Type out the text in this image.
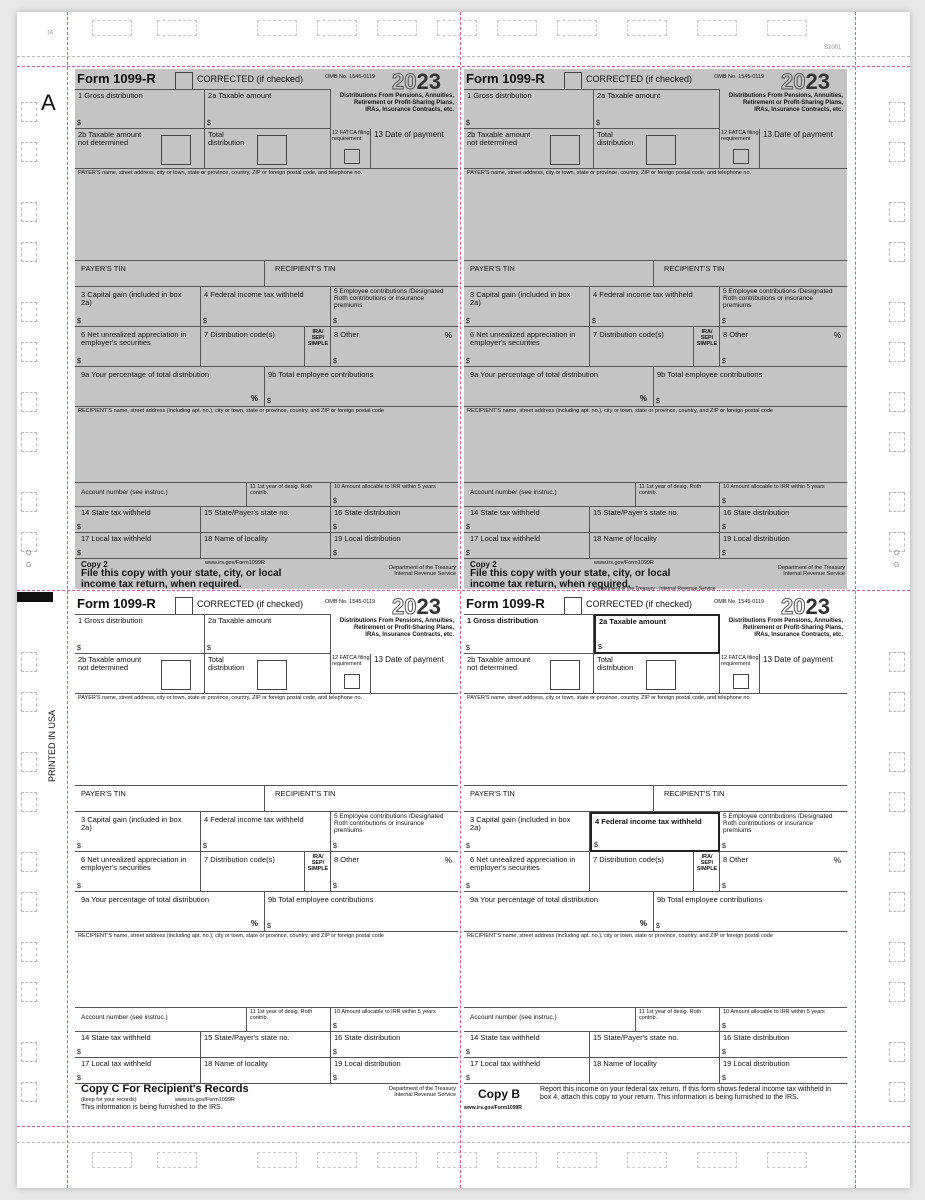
1A
S2001
A
PRINTED IN USA
O
G
O
G
Form 1099-R	CORRECTED (if checked)	OMB No. 1545-0119 2023
1 Gross distribution
$
2a Taxable amount
$
Distributions From Pensions, Annuities, Retirement or Profit-Sharing Plans, IRAs, Insurance Contracts, etc.
2b Taxable amount not determined
Total distribution
12 FATCA filing requirement	13 Date of payment
PAYER'S name, street address, city or town, state or province, country, ZIP or foreign postal code, and telephone no.
PAYER'S TIN	RECIPIENT'S TIN
3 Capital gain (included in box 2a)
$
4 Federal income tax withheld
$
5 Employee contributions /Designated Roth contributions or insurance premiums
$
6 Net unrealized appreciation in employer's securities
$
7 Distribution code(s)	IRA/ SEP/ SIMPLE
8 Other	%
$
9a Your percentage of total distribution
%
9b Total employee contributions
$
RECIPIENT'S name, street address (including apt. no.), city or town, state or province, country, and ZIP or foreign postal code
Account number (see instruc.)
11 1st year of desig. Roth contrib.
10 Amount allocable to IRR within 5 years
$
14 State tax withheld
$
15 State/Payer's state no.	16 State distribution
$
17 Local tax withheld
$
18 Name of locality	19 Local distribution
$
Copy 2
File this copy with your state, city, or local income tax return, when required.
www.irs.gov/Form1099R
Department of the Treasury
Internal Revenue Service
Form 1099-R	CORRECTED (if checked)	OMB No. 1545-0119 2023
1 Gross distribution
$
2a Taxable amount
$
Distributions From Pensions, Annuities, Retirement or Profit-Sharing Plans, IRAs, Insurance Contracts, etc.
2b Taxable amount not determined
Total distribution
12 FATCA filing requirement	13 Date of payment
PAYER'S name, street address, city or town, state or province, country, ZIP or foreign postal code, and telephone no.
PAYER'S TIN	RECIPIENT'S TIN
3 Capital gain (included in box 2a)
$
4 Federal income tax withheld
$
5 Employee contributions /Designated Roth contributions or insurance premiums
$
6 Net unrealized appreciation in employer's securities
$
7 Distribution code(s)	IRA/ SEP/ SIMPLE
8 Other	%
$
9a Your percentage of total distribution
%
9b Total employee contributions
$
RECIPIENT'S name, street address (including apt. no.), city or town, state or province, country, and ZIP or foreign postal code
Account number (see instruc.)
11 1st year of desig. Roth contrib.
10 Amount allocable to IRR within 5 years
$
14 State tax withheld
$
15 State/Payer's state no.	16 State distribution
$
17 Local tax withheld
$
18 Name of locality	19 Local distribution
$
Copy 2
File this copy with your state, city, or local income tax return, when required.
www.irs.gov/Form1099R
Department of the Treasury
Internal Revenue Service
Form 1099-R	CORRECTED (if checked)	OMB No. 1545-0119 2023
1 Gross distribution
$
2a Taxable amount
$
Distributions From Pensions, Annuities, Retirement or Profit-Sharing Plans, IRAs, Insurance Contracts, etc.
2b Taxable amount not determined
Total distribution
12 FATCA filing requirement	13 Date of payment
PAYER'S name, street address, city or town, state or province, country, ZIP or foreign postal code, and telephone no.
PAYER'S TIN	RECIPIENT'S TIN
3 Capital gain (included in box 2a)
$
4 Federal income tax withheld
$
5 Employee contributions /Designated Roth contributions or insurance premiums
$
6 Net unrealized appreciation in employer's securities
$
7 Distribution code(s)	IRA/ SEP/ SIMPLE
8 Other	%
$
9a Your percentage of total distribution
%
9b Total employee contributions
$
RECIPIENT'S name, street address (including apt. no.), city or town, state or province, country, and ZIP or foreign postal code
Account number (see instruc.)
11 1st year of desig. Roth contrib.
10 Amount allocable to IRR within 5 years
$
14 State tax withheld
$
15 State/Payer's state no.	16 State distribution
$
17 Local tax withheld
$
18 Name of locality	19 Local distribution
$
Copy C For Recipient's Records
(keep for your records)	www.irs.gov/Form1099R
This information is being furnished to the IRS.
Department of the Treasury
Internal Revenue Service
Form 1099-R	CORRECTED (if checked)	OMB No. 1545-0119 2023
Department of the Treasury - Internal Revenue Service
1 Gross distribution
$
2a Taxable amount
$
Distributions From Pensions, Annuities, Retirement or Profit-Sharing Plans, IRAs, Insurance Contracts, etc.
2b Taxable amount not determined
Total distribution
12 FATCA filing requirement	13 Date of payment
PAYER'S name, street address, city or town, state or province, country, ZIP or foreign postal code, and telephone no.
PAYER'S TIN	RECIPIENT'S TIN
3 Capital gain (included in box 2a)
$
4 Federal income tax withheld
$
5 Employee contributions /Designated Roth contributions or insurance premiums
$
6 Net unrealized appreciation in employer's securities
$
7 Distribution code(s)	IRA/ SEP/ SIMPLE
8 Other	%
$
9a Your percentage of total distribution
%
9b Total employee contributions
$
RECIPIENT'S name, street address (including apt. no.), city or town, state or province, country, and ZIP or foreign postal code
Account number (see instruc.)
11 1st year of desig. Roth contrib.
10 Amount allocable to IRR within 5 years
$
14 State tax withheld
$
15 State/Payer's state no.	16 State distribution
$
17 Local tax withheld
$
18 Name of locality	19 Local distribution
$
Copy B
www.irs.gov/Form1099R
Report this income on your federal tax return. If this form shows federal income tax withheld in box 4, attach this copy to your return. This information is being furnished to the IRS.
